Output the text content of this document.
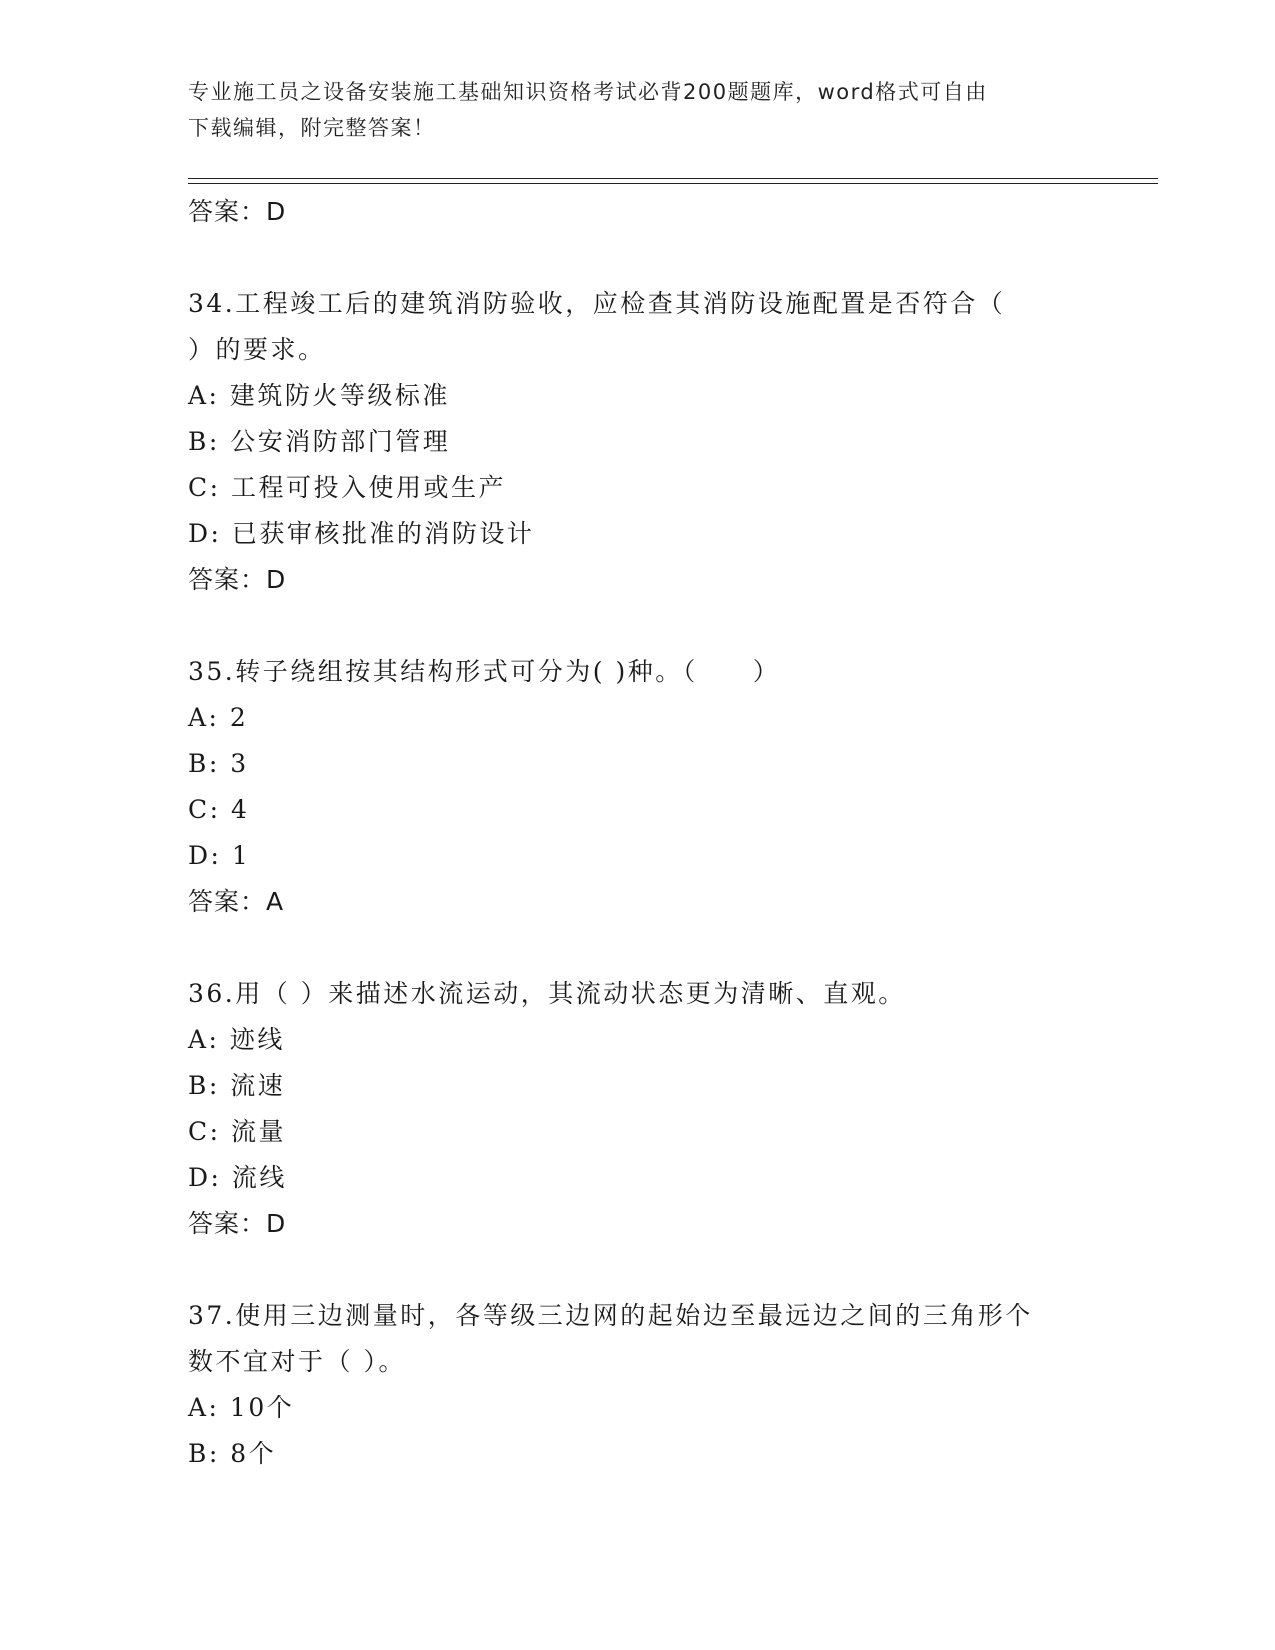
专业施工员之设备安装施工基础知识资格考试必背200题题库，word格式可自由
下载编辑，附完整答案！
答案：D
34.工程竣工后的建筑消防验收，应检查其消防设施配置是否符合（
）的要求。
A: 建筑防火等级标准
B: 公安消防部门管理
C: 工程可投入使用或生产
D: 已获审核批准的消防设计
答案：D
35.转子绕组按其结构形式可分为( )种。（　　）
A: 2
B: 3
C: 4
D: 1
答案：A
36.用（ ）来描述水流运动，其流动状态更为清晰、直观。
A: 迹线
B: 流速
C: 流量
D: 流线
答案：D
37.使用三边测量时，各等级三边网的起始边至最远边之间的三角形个
数不宜对于（ ）。
A: 10个
B: 8个
